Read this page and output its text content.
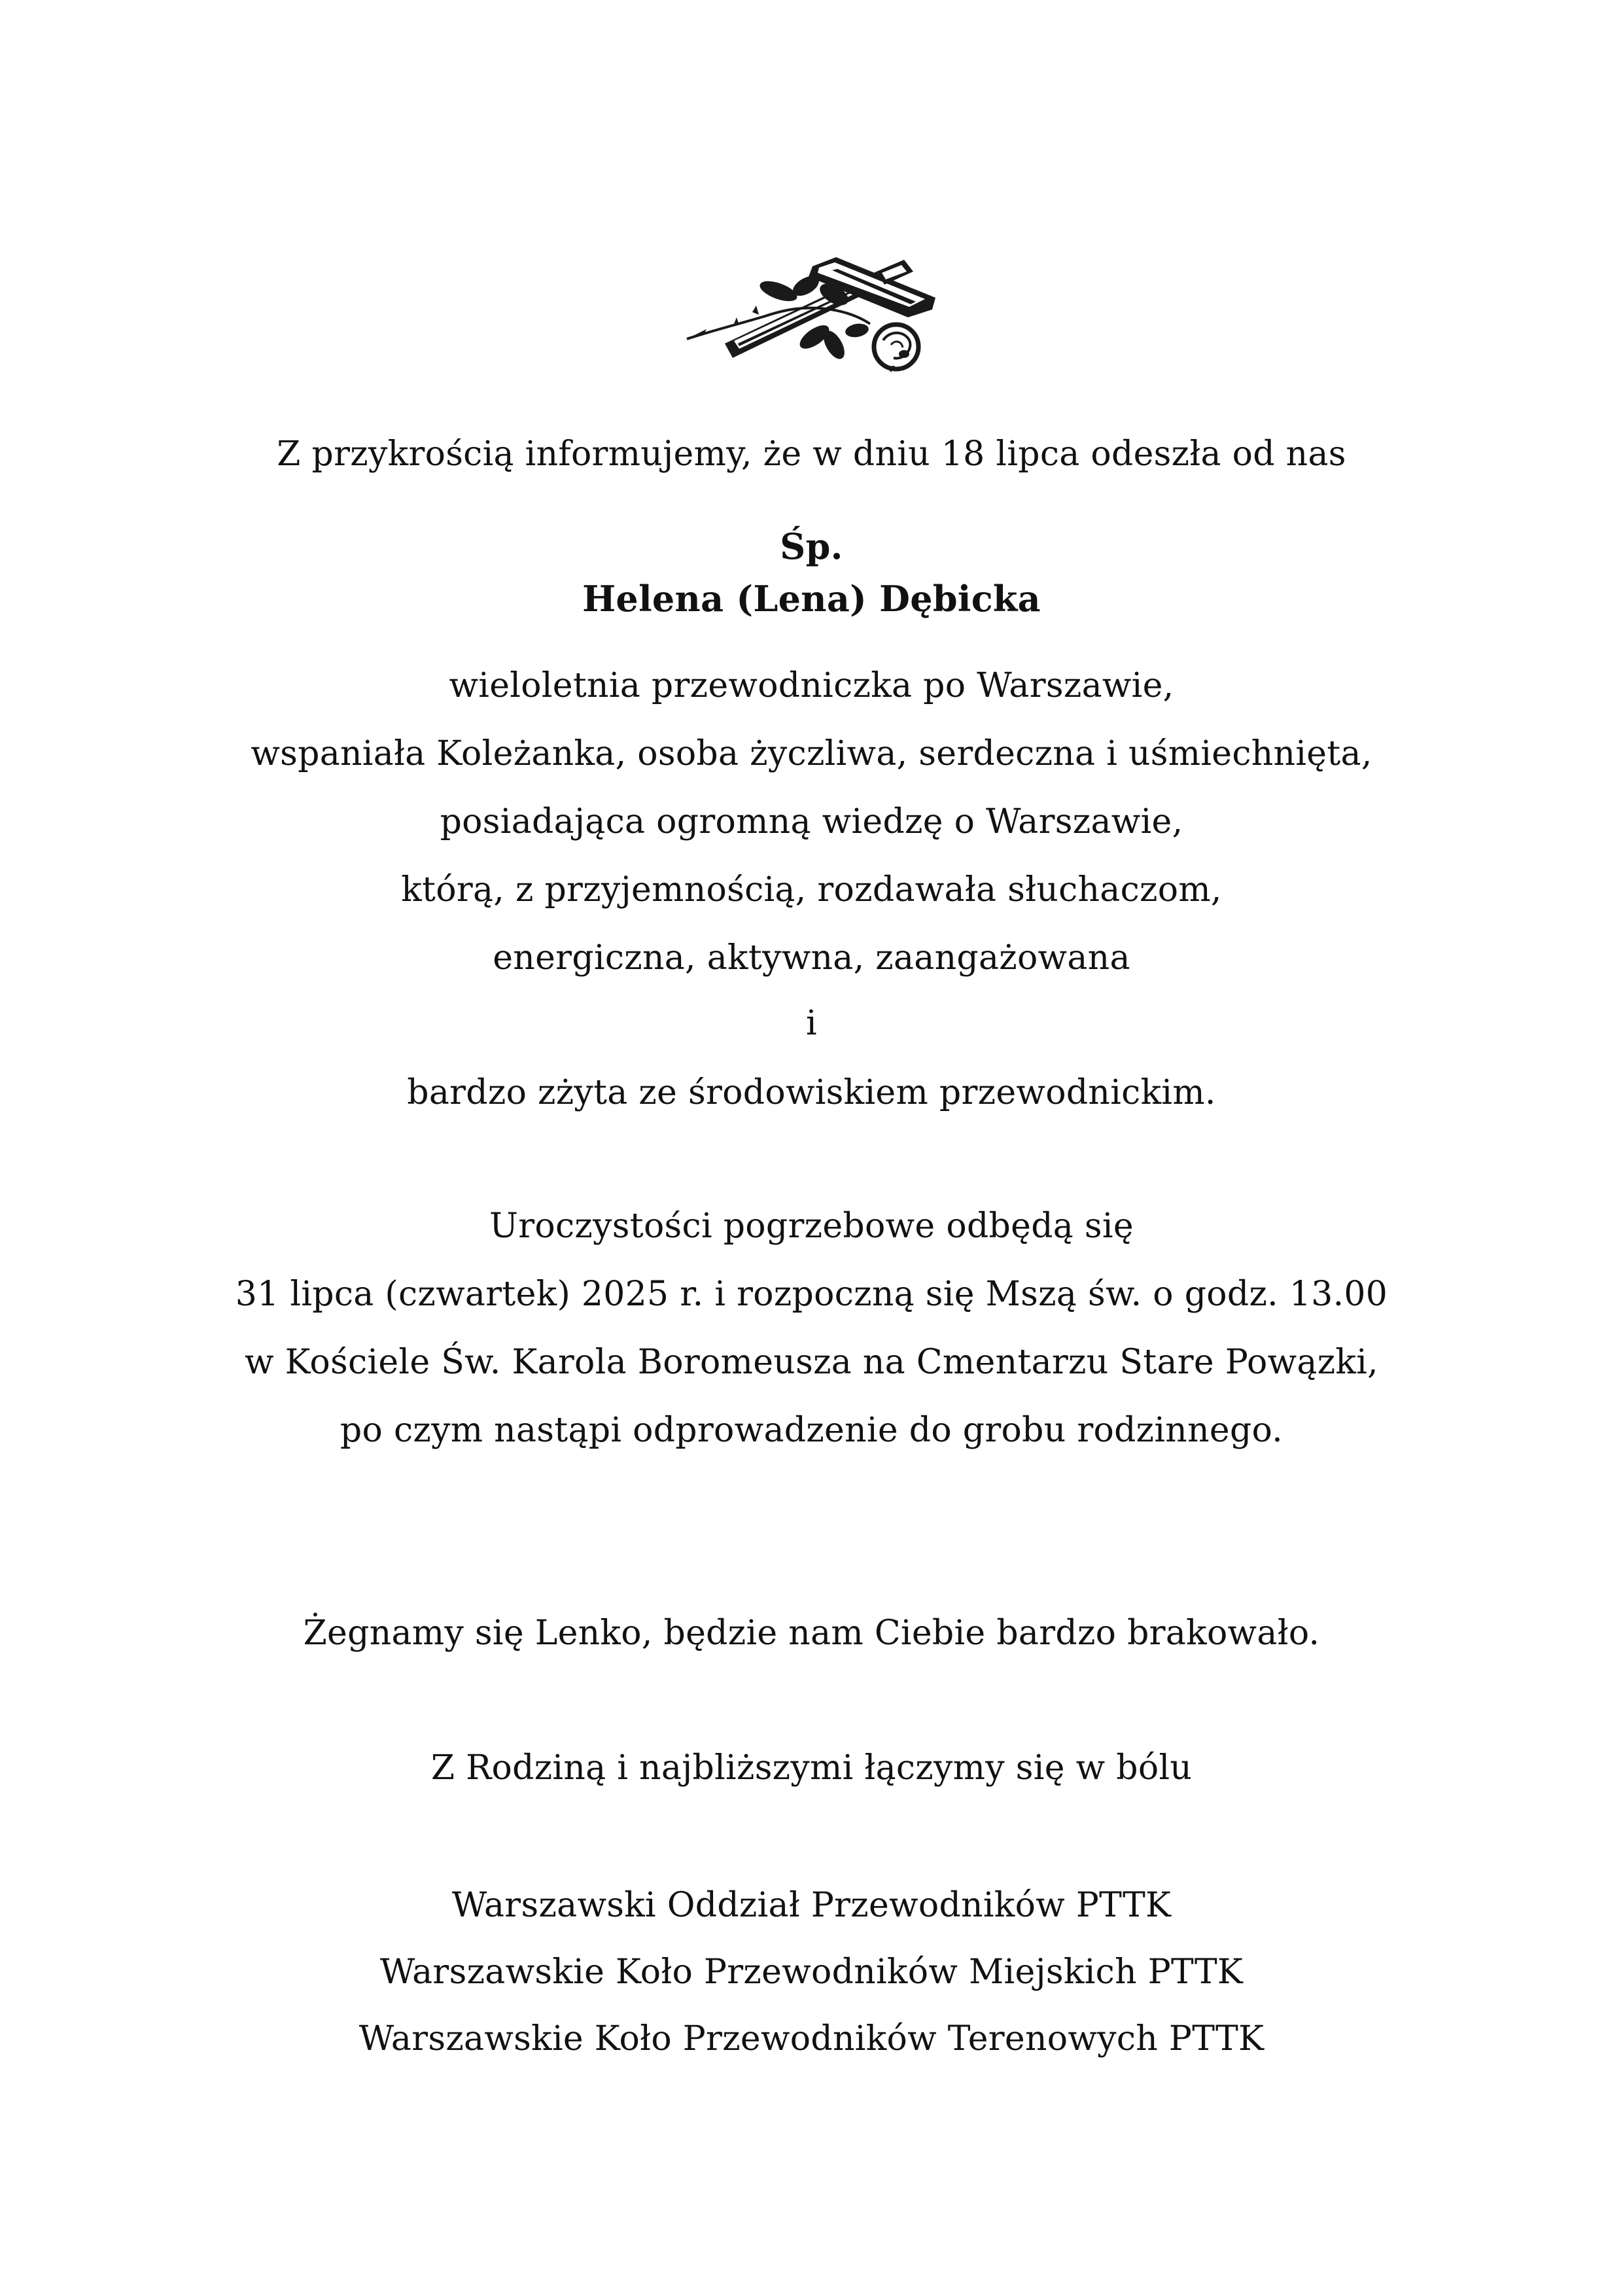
Z przykrością informujemy, że w dniu 18 lipca odeszła od nas
Śp.
Helena (Lena) Dębicka
wieloletnia przewodniczka po Warszawie,
wspaniała Koleżanka, osoba życzliwa, serdeczna i uśmiechnięta,
posiadająca ogromną wiedzę o Warszawie,
którą, z przyjemnością, rozdawała słuchaczom,
energiczna, aktywna, zaangażowana
i
bardzo zżyta ze środowiskiem przewodnickim.
Uroczystości pogrzebowe odbędą się
31 lipca (czwartek) 2025 r. i rozpoczną się Mszą św. o godz. 13.00
w Kościele Św. Karola Boromeusza na Cmentarzu Stare Powązki,
po czym nastąpi odprowadzenie do grobu rodzinnego.
Żegnamy się Lenko, będzie nam Ciebie bardzo brakowało.
Z Rodziną i najbliższymi łączymy się w bólu
Warszawski Oddział Przewodników PTTK
Warszawskie Koło Przewodników Miejskich PTTK
Warszawskie Koło Przewodników Terenowych PTTK
